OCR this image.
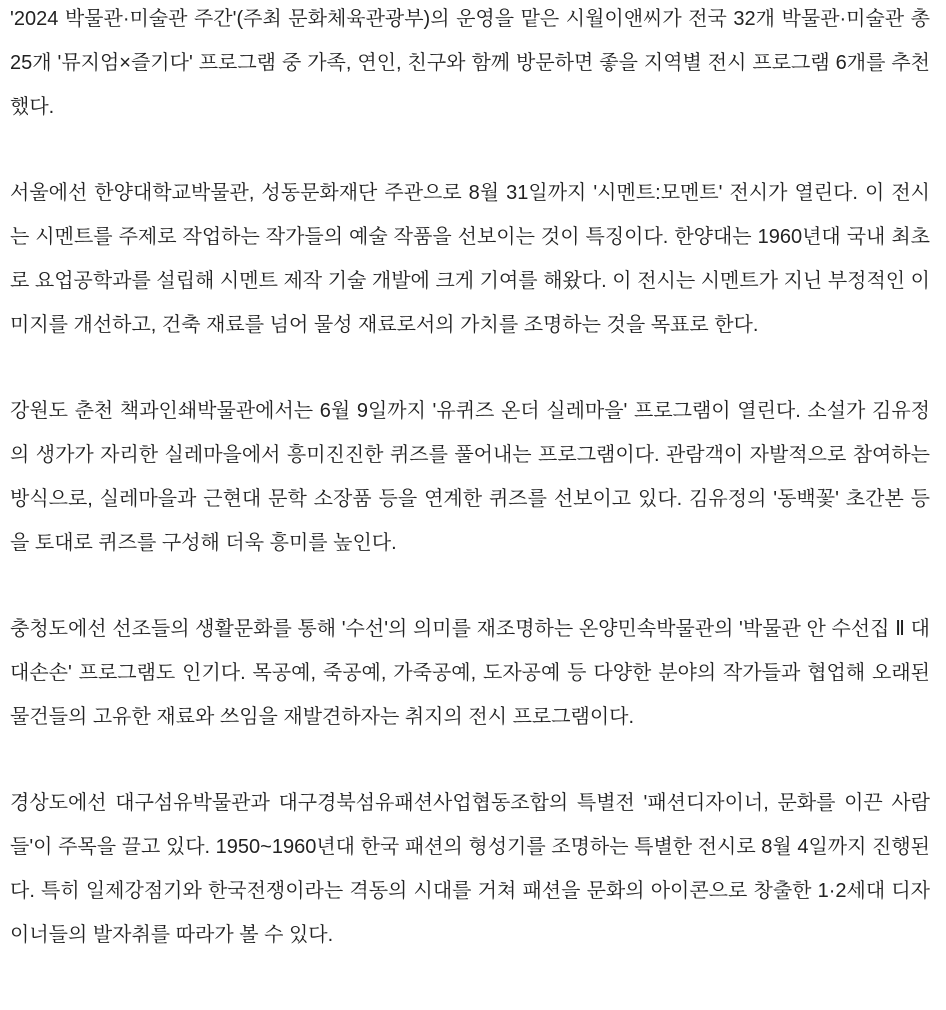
'2024 박물관·미술관 주간'(주최 문화체육관광부)의 운영을 맡은 시월이앤씨가 전국 32개 박물관·미술관 총 25개 '뮤지엄×즐기다' 프로그램 중 가족, 연인, 친구와 함께 방문하면 좋을 지역별 전시 프로그램 6개를 추천했다.

서울에선 한양대학교박물관, 성동문화재단 주관으로 8월 31일까지 '시멘트:모멘트' 전시가 열린다. 이 전시는 시멘트를 주제로 작업하는 작가들의 예술 작품을 선보이는 것이 특징이다. 한양대는 1960년대 국내 최초로 요업공학과를 설립해 시멘트 제작 기술 개발에 크게 기여를 해왔다. 이 전시는 시멘트가 지닌 부정적인 이미지를 개선하고, 건축 재료를 넘어 물성 재료로서의 가치를 조명하는 것을 목표로 한다.

강원도 춘천 책과인쇄박물관에서는 6월 9일까지 '유퀴즈 온더 실레마을' 프로그램이 열린다. 소설가 김유정의 생가가 자리한 실레마을에서 흥미진진한 퀴즈를 풀어내는 프로그램이다. 관람객이 자발적으로 참여하는 방식으로, 실레마을과 근현대 문학 소장품 등을 연계한 퀴즈를 선보이고 있다. 김유정의 '동백꽃' 초간본 등을 토대로 퀴즈를 구성해 더욱 흥미를 높인다.

충청도에선 선조들의 생활문화를 통해 '수선'의 의미를 재조명하는 온양민속박물관의 '박물관 안 수선집 Ⅱ 대대손손' 프로그램도 인기다. 목공예, 죽공예, 가죽공예, 도자공예 등 다양한 분야의 작가들과 협업해 오래된 물건들의 고유한 재료와 쓰임을 재발견하자는 취지의 전시 프로그램이다.

경상도에선 대구섬유박물관과 대구경북섬유패션사업협동조합의 특별전 '패션디자이너, 문화를 이끈 사람들'이 주목을 끌고 있다. 1950~1960년대 한국 패션의 형성기를 조명하는 특별한 전시로 8월 4일까지 진행된다. 특히 일제강점기와 한국전쟁이라는 격동의 시대를 거쳐 패션을 문화의 아이콘으로 창출한 1·2세대 디자이너들의 발자취를 따라가 볼 수 있다.
